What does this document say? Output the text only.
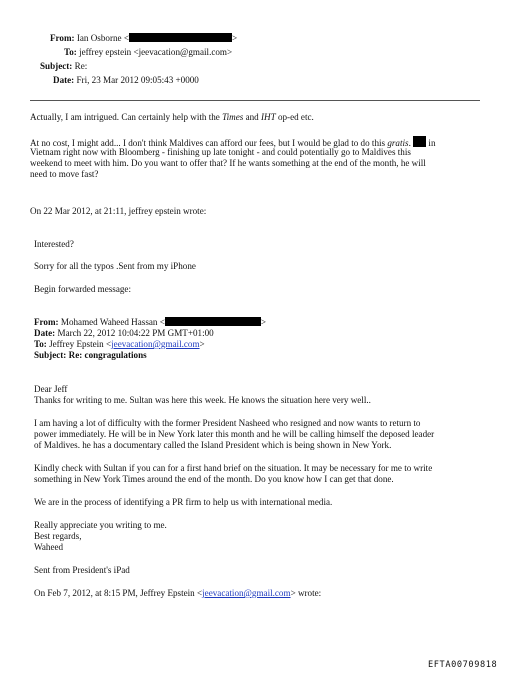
From: Ian Osborne <	>
To: jeffrey epstein <jeevacation@gmail.com>
Subject: Re:
Date: Fri, 23 Mar 2012 09:05:43 +0000
Actually, I am intrigued. Can certainly help with the Times and IHT op-ed etc.
At no cost, I might add... I don't think Maldives can afford our fees, but I would be glad to do this gratis. in
Vietnam right now with Bloomberg - finishing up late tonight - and could potentially go to Maldives this
weekend to meet with him. Do you want to offer that? If he wants something at the end of the month, he will
need to move fast?
On 22 Mar 2012, at 21:11, jeffrey epstein wrote:
Interested?
Sorry for all the typos .Sent from my iPhone
Begin forwarded message:
From: Mohamed Waheed Hassan <	>
Date: March 22, 2012 10:04:22 PM GMT+01:00
To: Jeffrey Epstein <jeevacation@gmail.com>
Subject: Re: congragulations
Dear Jeff
Thanks for writing to me. Sultan was here this week. He knows the situation here very well..
I am having a lot of difficulty with the former President Nasheed who resigned and now wants to return to
power immediately. He will be in New York later this month and he will be calling himself the deposed leader
of Maldives. he has a documentary called the Island President which is being shown in New York.
Kindly check with Sultan if you can for a first hand brief on the situation. It may be necessary for me to write
something in New York Times around the end of the month. Do you know how I can get that done.
We are in the process of identifying a PR firm to help us with international media.
Really appreciate you writing to me.
Best regards,
Waheed
Sent from President's iPad
On Feb 7, 2012, at 8:15 PM, Jeffrey Epstein <jeevacation@gmail.com> wrote:
EFTA00709818
